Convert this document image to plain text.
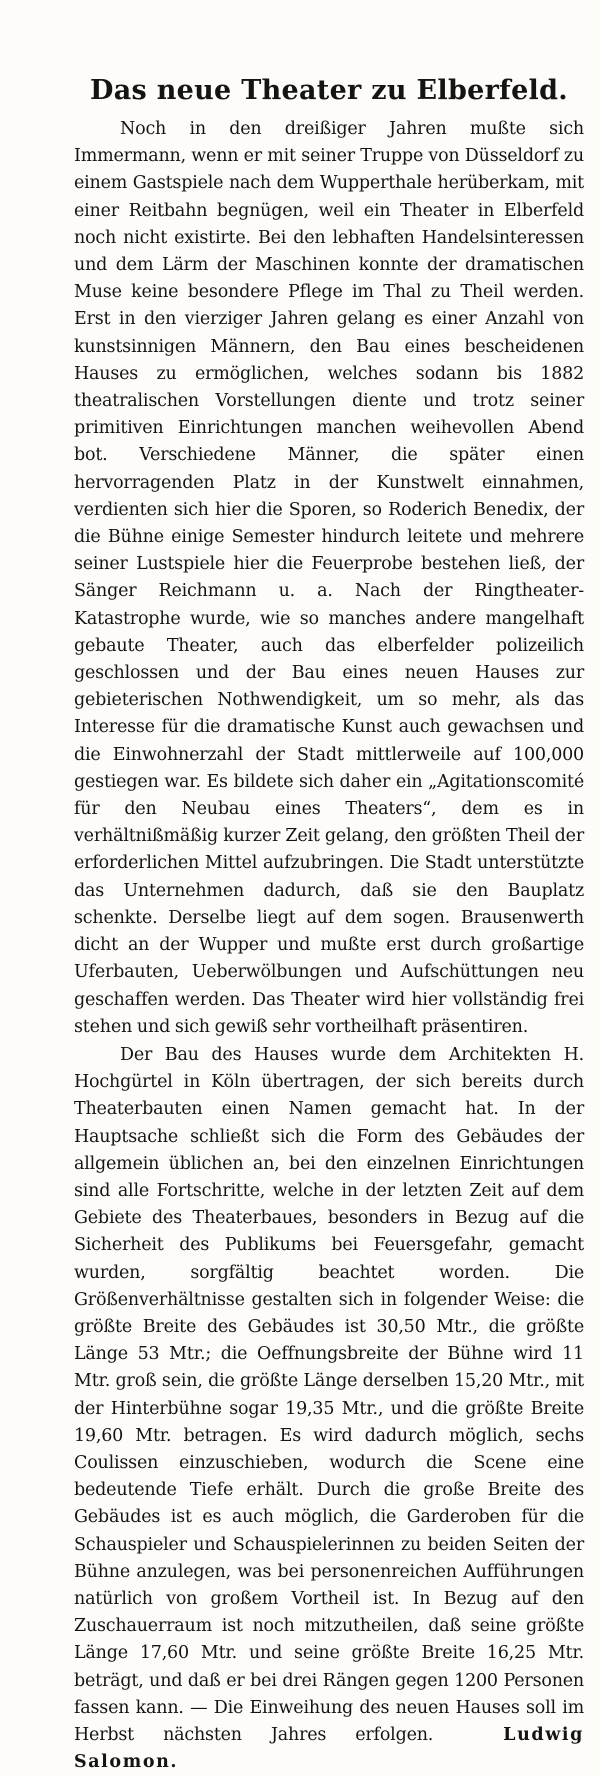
Das neue Theater zu Elberfeld.

Noch in den dreißiger Jahren mußte sich Immermann, wenn er mit seiner Truppe von Düsseldorf zu einem Gastspiele nach dem Wupperthale herüberkam, mit einer Reitbahn begnügen, weil ein Theater in Elberfeld noch nicht existirte. Bei den lebhaften Handelsinteressen und dem Lärm der Maschinen konnte der dramatischen Muse keine besondere Pflege im Thal zu Theil werden. Erst in den vierziger Jahren gelang es einer Anzahl von kunstsinnigen Männern, den Bau eines bescheidenen Hauses zu ermöglichen, welches sodann bis 1882 theatralischen Vorstellungen diente und trotz seiner primitiven Einrichtungen manchen weihevollen Abend bot. Verschiedene Männer, die später einen hervorragenden Platz in der Kunstwelt einnahmen, verdienten sich hier die Sporen, so Roderich Benedix, der die Bühne einige Semester hindurch leitete und mehrere seiner Lustspiele hier die Feuerprobe bestehen ließ, der Sänger Reichmann u. a. Nach der Ringtheater-Katastrophe wurde, wie so manches andere mangelhaft gebaute Theater, auch das elberfelder polizeilich geschlossen und der Bau eines neuen Hauses zur gebieterischen Nothwendigkeit, um so mehr, als das Interesse für die dramatische Kunst auch gewachsen und die Einwohnerzahl der Stadt mittlerweile auf 100,000 gestiegen war. Es bildete sich daher ein „Agitationscomité für den Neubau eines Theaters“, dem es in verhältnißmäßig kurzer Zeit gelang, den größten Theil der erforderlichen Mittel aufzubringen. Die Stadt unterstützte das Unternehmen dadurch, daß sie den Bauplatz schenkte. Derselbe liegt auf dem sogen. Brausenwerth dicht an der Wupper und mußte erst durch großartige Uferbauten, Ueberwölbungen und Aufschüttungen neu geschaffen werden. Das Theater wird hier vollständig frei stehen und sich gewiß sehr vortheilhaft präsentiren.

Der Bau des Hauses wurde dem Architekten H. Hochgürtel in Köln übertragen, der sich bereits durch Theaterbauten einen Namen gemacht hat. In der Hauptsache schließt sich die Form des Gebäudes der allgemein üblichen an, bei den einzelnen Einrichtungen sind alle Fortschritte, welche in der letzten Zeit auf dem Gebiete des Theaterbaues, besonders in Bezug auf die Sicherheit des Publikums bei Feuersgefahr, gemacht wurden, sorgfältig beachtet worden. Die Größenverhältnisse gestalten sich in folgender Weise: die größte Breite des Gebäudes ist 30,50 Mtr., die größte Länge 53 Mtr.; die Oeffnungsbreite der Bühne wird 11 Mtr. groß sein, die größte Länge derselben 15,20 Mtr., mit der Hinterbühne sogar 19,35 Mtr., und die größte Breite 19,60 Mtr. betragen. Es wird dadurch möglich, sechs Coulissen einzuschieben, wodurch die Scene eine bedeutende Tiefe erhält. Durch die große Breite des Gebäudes ist es auch möglich, die Garderoben für die Schauspieler und Schauspielerinnen zu beiden Seiten der Bühne anzulegen, was bei personenreichen Aufführungen natürlich von großem Vortheil ist. In Bezug auf den Zuschauerraum ist noch mitzutheilen, daß seine größte Länge 17,60 Mtr. und seine größte Breite 16,25 Mtr. beträgt, und daß er bei drei Rängen gegen 1200 Personen fassen kann. — Die Einweihung des neuen Hauses soll im Herbst nächsten Jahres erfolgen.	Ludwig Salomon.
